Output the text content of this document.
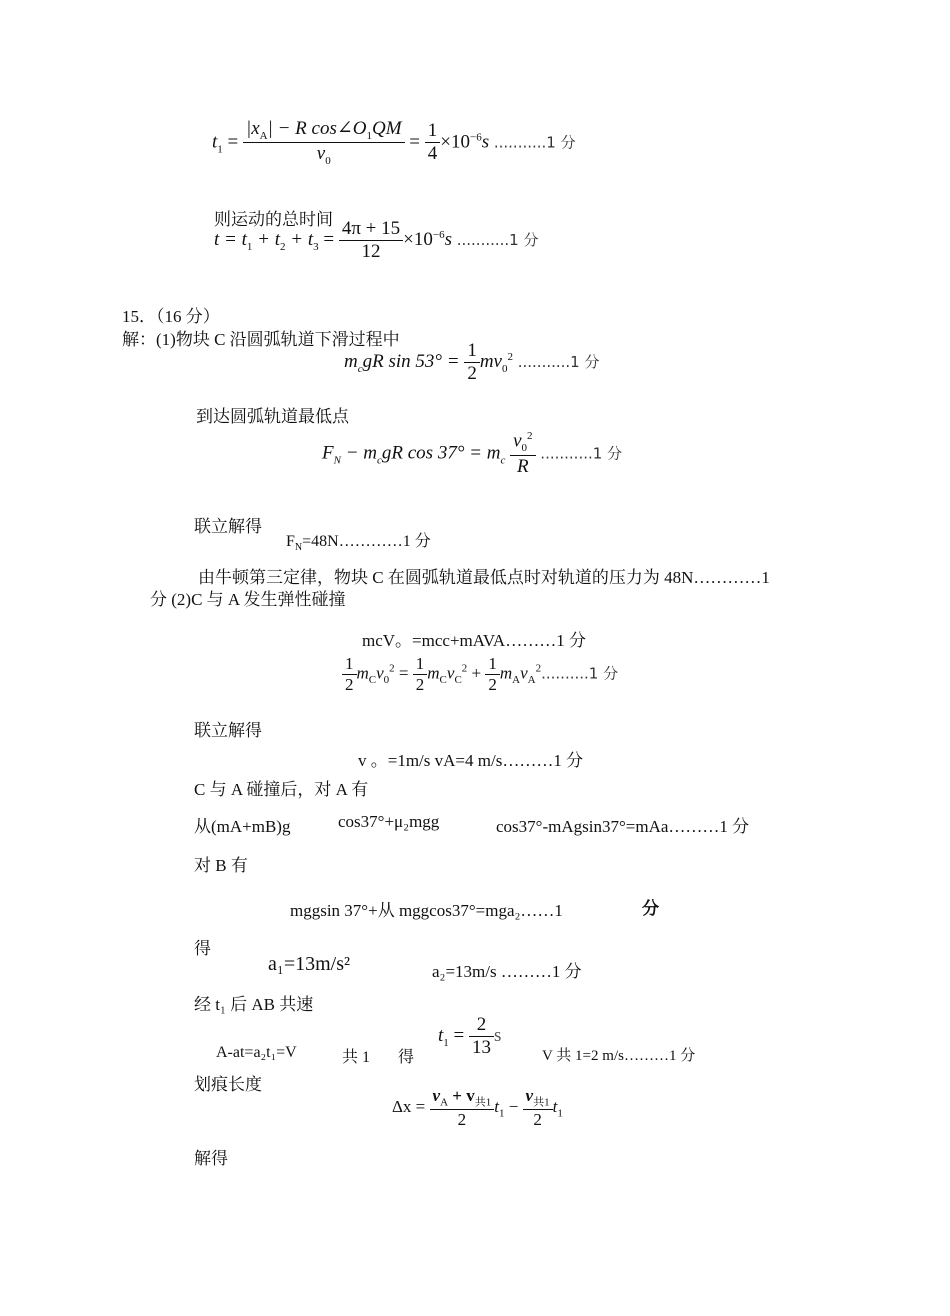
$t_1 = \frac{|x_A| - R \cos\angle O_1QM}{v_0} = \frac{1}{4} \times 10^{-6}s$ ...........1 分
则运动的总时间
$t = t_1 + t_2 + t_3 = \frac{4\pi + 15}{12} \times 10^{-6}s$ ...........1 分
15．（16 分）
解：(1)物块 C 沿圆弧轨道下滑过程中
$m_cgR$ $\sin 53^\circ = \frac{1}{2} mv_0^2$ ...........1 分
到达圆弧轨道最低点
$F_N - m_cgR$ $\cos 37^\circ = m_c \frac{v_0^2}{R} ...........1$ 分
联立解得
$F_N=48N\dots\dots\dots\dots 1$ 分
由牛顿第三定律，物块 C 在圆弧轨道最低点时对轨道的压力为 48N…………1
分 (2)C 与 A 发生弹性碰撞
mcV。=mcc+mAVA………1 分
$\frac{1}{2} m_Cv_0^2 = \frac{1}{2} m_Cv_C^2 + \frac{1}{2} m_Av_A^2..........1$ 分
联立解得
v 。=1m/s vA=4 m/s………1 分
C 与 A 碰撞后，对 A 有
从(mA+mB)g	cos37°+μ₂mgg	cos37°-mAgsin37°=mAa………1 分
对 B 有
mggsin 37°+从 mggcos37°=mga₂……1	分
得
a₁=13m/s²	a₂=13m/s ………1 分
经 t₁ 后 AB 共速
A-at=a₂t₁=V	共 1 得
$t_1 = \frac{2}{13}$ s
V 共 1=2 m/s………1 分
划痕长度
$\Delta x = \frac{v_A + v_{共1}}{2} t_1 - \frac{v_{共1}}{2} t_1$
解得
